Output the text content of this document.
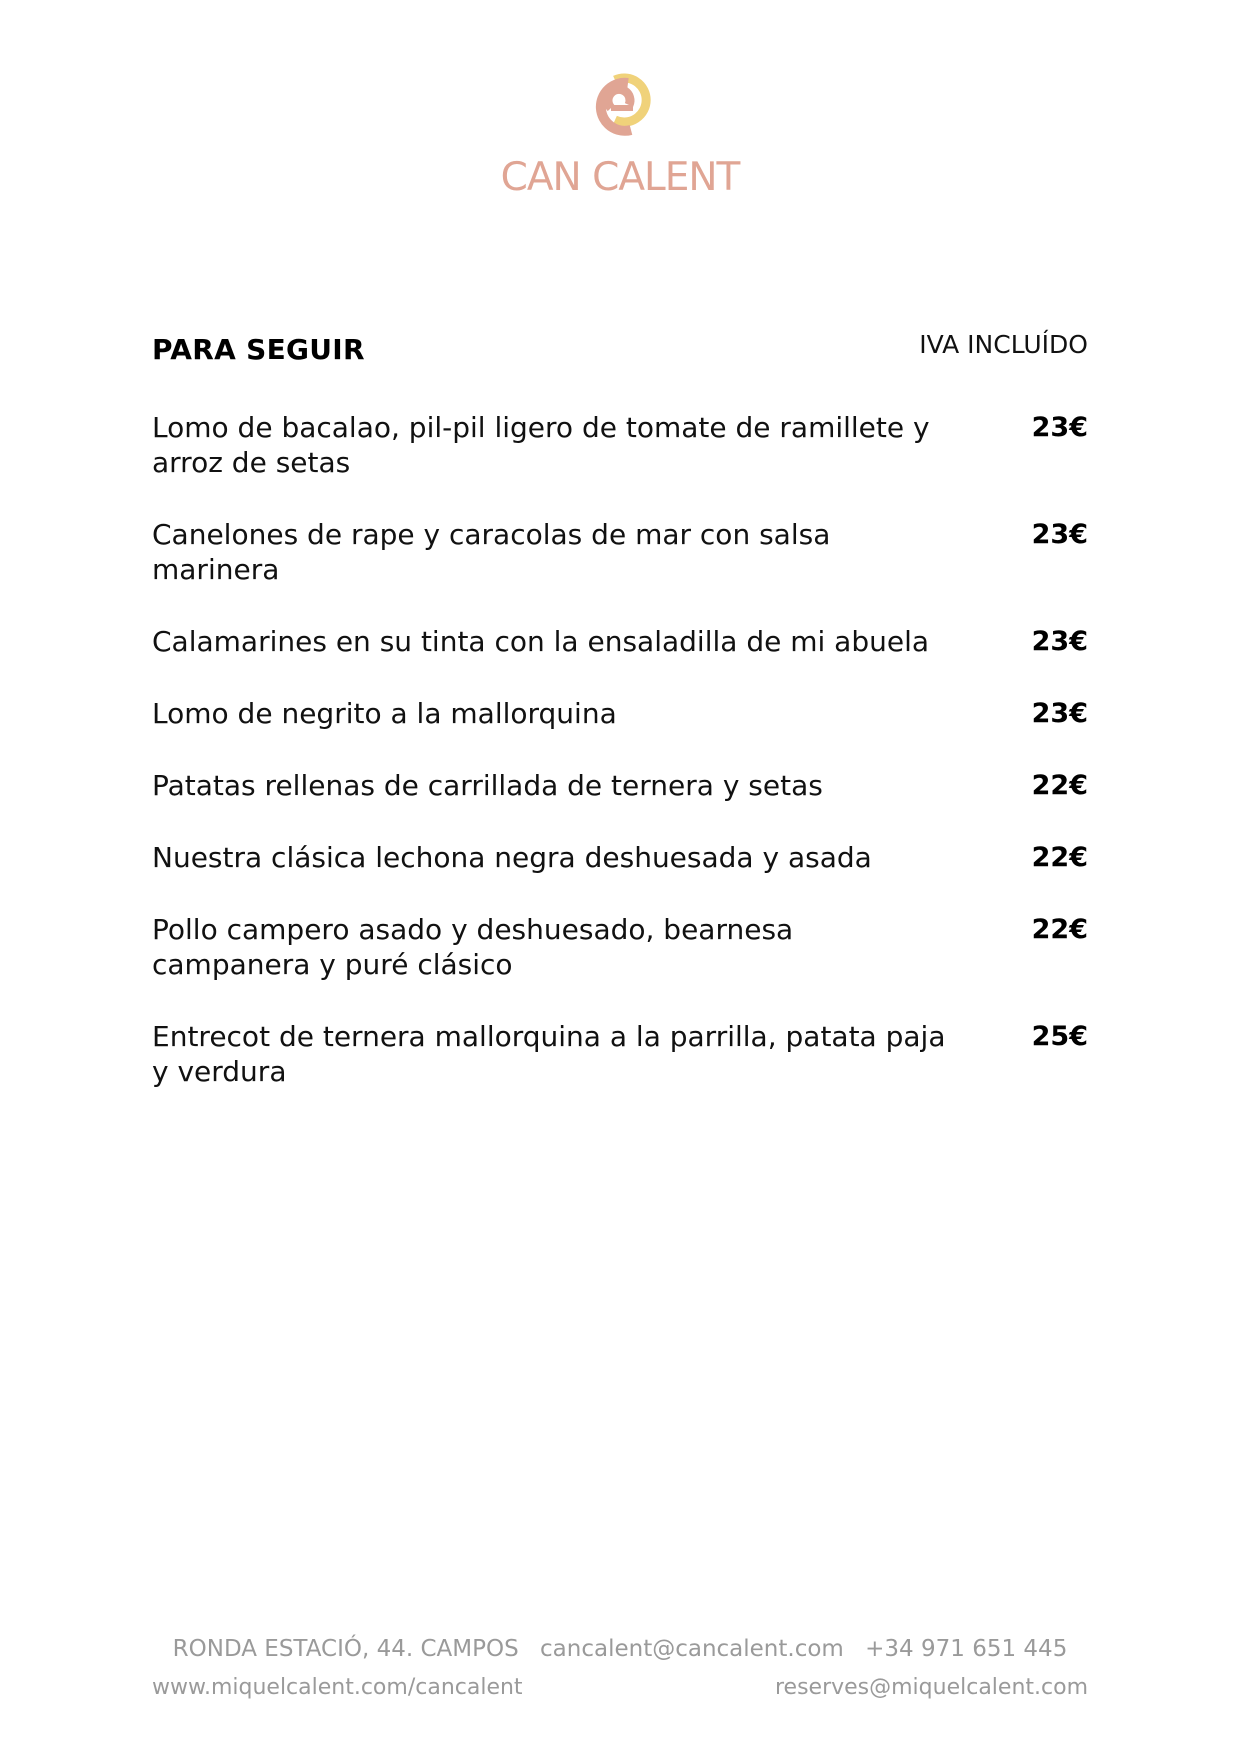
CAN CALENT
PARA SEGUIR	IVA INCLUÍDO
Lomo de bacalao, pil-pil ligero de tomate de ramillete y arroz de setas
23€
Canelones de rape y caracolas de mar con salsa marinera
23€
Calamarines en su tinta con la ensaladilla de mi abuela	23€
Lomo de negrito a la mallorquina	23€
Patatas rellenas de carrillada de ternera y setas	22€
Nuestra clásica lechona negra deshuesada y asada	22€
Pollo campero asado y deshuesado, bearnesa campanera y puré clásico
22€
Entrecot de ternera mallorquina a la parrilla, patata paja y verdura
25€
RONDA ESTACIÓ, 44. CAMPOS cancalent@cancalent.com +34 971 651 445
www.miquelcalent.com/cancalent	reserves@miquelcalent.com
